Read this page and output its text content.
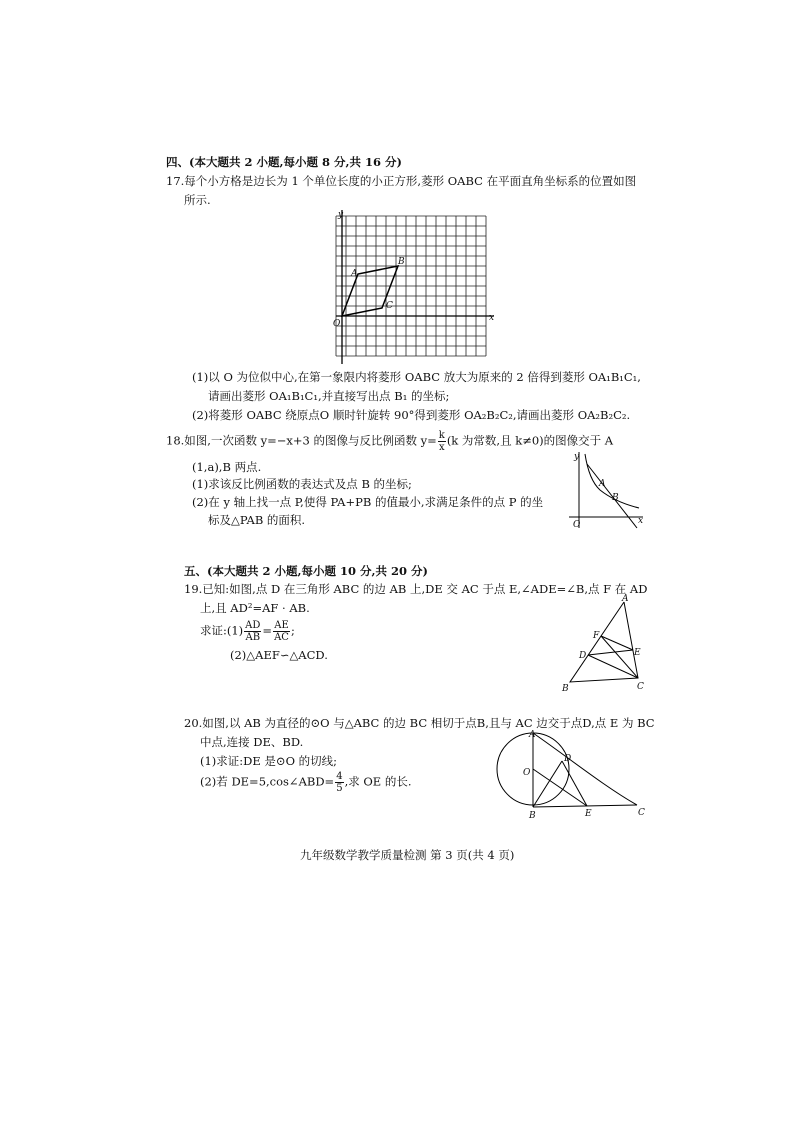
四、(本大题共 2 小题,每小题 8 分,共 16 分)
17.每个小方格是边长为 1 个单位长度的小正方形,菱形 OABC 在平面直角坐标系的位置如图
所示.
y
x
O
A
B
C
(1)以 O 为位似中心,在第一象限内将菱形 OABC 放大为原来的 2 倍得到菱形 OA₁B₁C₁,
请画出菱形 OA₁B₁C₁,并直接写出点 B₁ 的坐标;
(2)将菱形 OABC 绕原点O 顺时针旋转 90°得到菱形 OA₂B₂C₂,请画出菱形 OA₂B₂C₂.
18.如图,一次函数 y=−x+3 的图像与反比例函数 $y= \frac{k}{x} (k$ 为常数,且 k≠0)的图像交于 A
(1,a),B 两点.
(1)求该反比例函数的表达式及点 B 的坐标;
(2)在 y 轴上找一点 P,使得 PA+PB 的值最小,求满足条件的点 P 的坐
标及△PAB 的面积.
y
x
O
A
B
五、(本大题共 2 小题,每小题 10 分,共 20 分)
19.已知:如图,点 D 在三角形 ABC 的边 AB 上,DE 交 AC 于点 E,∠ADE=∠B,点 F 在 AD
上,且 AD²=AF · AB.
求证:(1) $\frac{AD}{AB} = \frac{AE}{AC}$ ;
(2)△AEF∽△ACD.
A
B	C
D	E
F
20.如图,以 AB 为直径的⊙O 与△ABC 的边 BC 相切于点B,且与 AC 边交于点D,点 E 为 BC
中点,连接 DE、BD.
(1)求证:DE 是⊙O 的切线;
(2)若 DE=5,cos∠ABD= $\frac{4}{5}$ ,求 OE 的长.
A
B	C
D
E
O
九年级数学教学质量检测 第 3 页(共 4 页)
